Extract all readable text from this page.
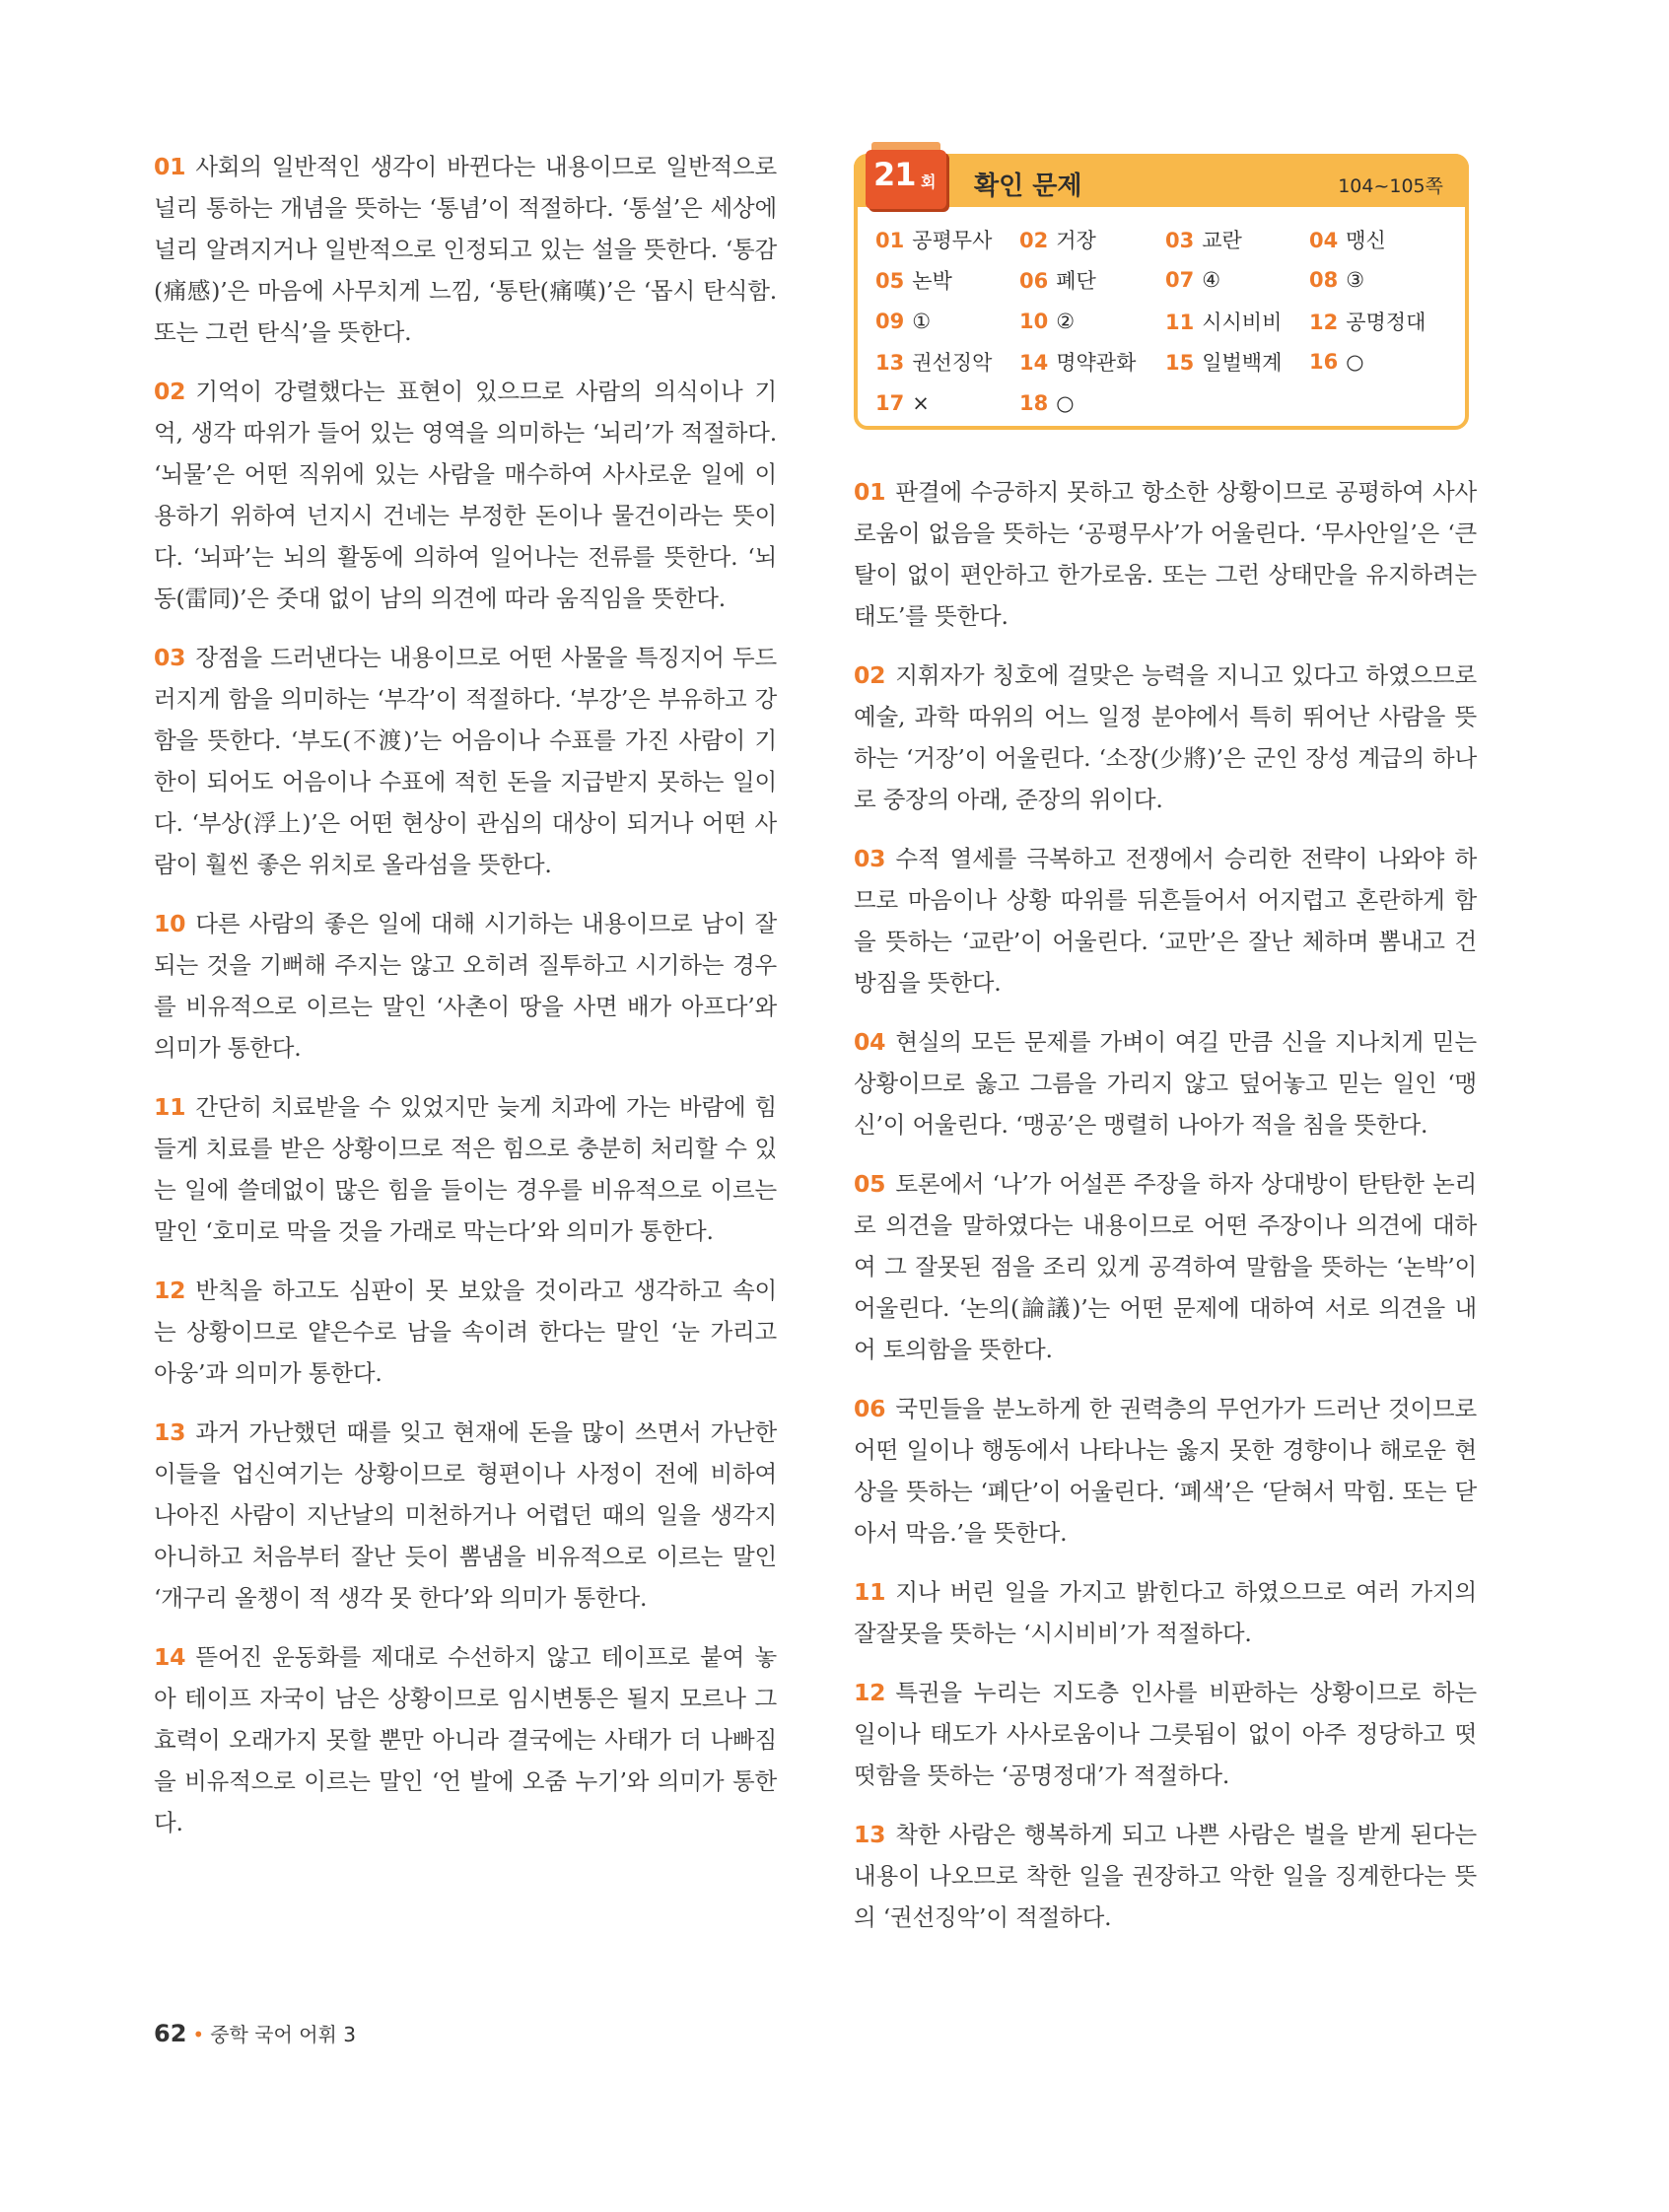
01 사회의 일반적인 생각이 바뀐다는 내용이므로 일반적으로 널리 통하는 개념을 뜻하는 ‘통념’이 적절하다. ‘통설’은 세상에 널리 알려지거나 일반적으로 인정되고 있는 설을 뜻한다. ‘통감(痛感)’은 마음에 사무치게 느낌, ‘통탄(痛嘆)’은 ‘몹시 탄식함. 또는 그런 탄식’을 뜻한다.

02 기억이 강렬했다는 표현이 있으므로 사람의 의식이나 기억, 생각 따위가 들어 있는 영역을 의미하는 ‘뇌리’가 적절하다. ‘뇌물’은 어떤 직위에 있는 사람을 매수하여 사사로운 일에 이용하기 위하여 넌지시 건네는 부정한 돈이나 물건이라는 뜻이다. ‘뇌파’는 뇌의 활동에 의하여 일어나는 전류를 뜻한다. ‘뇌동(雷同)’은 줏대 없이 남의 의견에 따라 움직임을 뜻한다.

03 장점을 드러낸다는 내용이므로 어떤 사물을 특징지어 두드러지게 함을 의미하는 ‘부각’이 적절하다. ‘부강’은 부유하고 강함을 뜻한다. ‘부도(不渡)’는 어음이나 수표를 가진 사람이 기한이 되어도 어음이나 수표에 적힌 돈을 지급받지 못하는 일이다. ‘부상(浮上)’은 어떤 현상이 관심의 대상이 되거나 어떤 사람이 훨씬 좋은 위치로 올라섬을 뜻한다.

10 다른 사람의 좋은 일에 대해 시기하는 내용이므로 남이 잘되는 것을 기뻐해 주지는 않고 오히려 질투하고 시기하는 경우를 비유적으로 이르는 말인 ‘사촌이 땅을 사면 배가 아프다’와 의미가 통한다.

11 간단히 치료받을 수 있었지만 늦게 치과에 가는 바람에 힘들게 치료를 받은 상황이므로 적은 힘으로 충분히 처리할 수 있는 일에 쓸데없이 많은 힘을 들이는 경우를 비유적으로 이르는 말인 ‘호미로 막을 것을 가래로 막는다’와 의미가 통한다.

12 반칙을 하고도 심판이 못 보았을 것이라고 생각하고 속이는 상황이므로 얕은수로 남을 속이려 한다는 말인 ‘눈 가리고 아웅’과 의미가 통한다.

13 과거 가난했던 때를 잊고 현재에 돈을 많이 쓰면서 가난한 이들을 업신여기는 상황이므로 형편이나 사정이 전에 비하여 나아진 사람이 지난날의 미천하거나 어렵던 때의 일을 생각지 아니하고 처음부터 잘난 듯이 뽐냄을 비유적으로 이르는 말인 ‘개구리 올챙이 적 생각 못 한다’와 의미가 통한다.

14 뜯어진 운동화를 제대로 수선하지 않고 테이프로 붙여 놓아 테이프 자국이 남은 상황이므로 임시변통은 될지 모르나 그 효력이 오래가지 못할 뿐만 아니라 결국에는 사태가 더 나빠짐을 비유적으로 이르는 말인 ‘언 발에 오줌 누기’와 의미가 통한다.

21 회 확인 문제	104~105쪽
01 공평무사	02 거장	03 교란	04 맹신
05 논박	06 폐단	07 ④	08 ③
09 ①	10 ②	11 시시비비	12 공명정대
13 권선징악	14 명약관화	15 일벌백계	16 ○
17 ×	18 ○

01 판결에 수긍하지 못하고 항소한 상황이므로 공평하여 사사로움이 없음을 뜻하는 ‘공평무사’가 어울린다. ‘무사안일’은 ‘큰 탈이 없이 편안하고 한가로움. 또는 그런 상태만을 유지하려는 태도’를 뜻한다.

02 지휘자가 칭호에 걸맞은 능력을 지니고 있다고 하였으므로 예술, 과학 따위의 어느 일정 분야에서 특히 뛰어난 사람을 뜻하는 ‘거장’이 어울린다. ‘소장(少將)’은 군인 장성 계급의 하나로 중장의 아래, 준장의 위이다.

03 수적 열세를 극복하고 전쟁에서 승리한 전략이 나와야 하므로 마음이나 상황 따위를 뒤흔들어서 어지럽고 혼란하게 함을 뜻하는 ‘교란’이 어울린다. ‘교만’은 잘난 체하며 뽐내고 건방짐을 뜻한다.

04 현실의 모든 문제를 가벼이 여길 만큼 신을 지나치게 믿는 상황이므로 옳고 그름을 가리지 않고 덮어놓고 믿는 일인 ‘맹신’이 어울린다. ‘맹공’은 맹렬히 나아가 적을 침을 뜻한다.

05 토론에서 ‘나’가 어설픈 주장을 하자 상대방이 탄탄한 논리로 의견을 말하였다는 내용이므로 어떤 주장이나 의견에 대하여 그 잘못된 점을 조리 있게 공격하여 말함을 뜻하는 ‘논박’이 어울린다. ‘논의(論議)’는 어떤 문제에 대하여 서로 의견을 내어 토의함을 뜻한다.

06 국민들을 분노하게 한 권력층의 무언가가 드러난 것이므로 어떤 일이나 행동에서 나타나는 옳지 못한 경향이나 해로운 현상을 뜻하는 ‘폐단’이 어울린다. ‘폐색’은 ‘닫혀서 막힘. 또는 닫아서 막음.’을 뜻한다.

11 지나 버린 일을 가지고 밝힌다고 하였으므로 여러 가지의 잘잘못을 뜻하는 ‘시시비비’가 적절하다.

12 특권을 누리는 지도층 인사를 비판하는 상황이므로 하는 일이나 태도가 사사로움이나 그릇됨이 없이 아주 정당하고 떳떳함을 뜻하는 ‘공명정대’가 적절하다.

13 착한 사람은 행복하게 되고 나쁜 사람은 벌을 받게 된다는 내용이 나오므로 착한 일을 권장하고 악한 일을 징계한다는 뜻의 ‘권선징악’이 적절하다.

62 • 중학 국어 어휘 3
